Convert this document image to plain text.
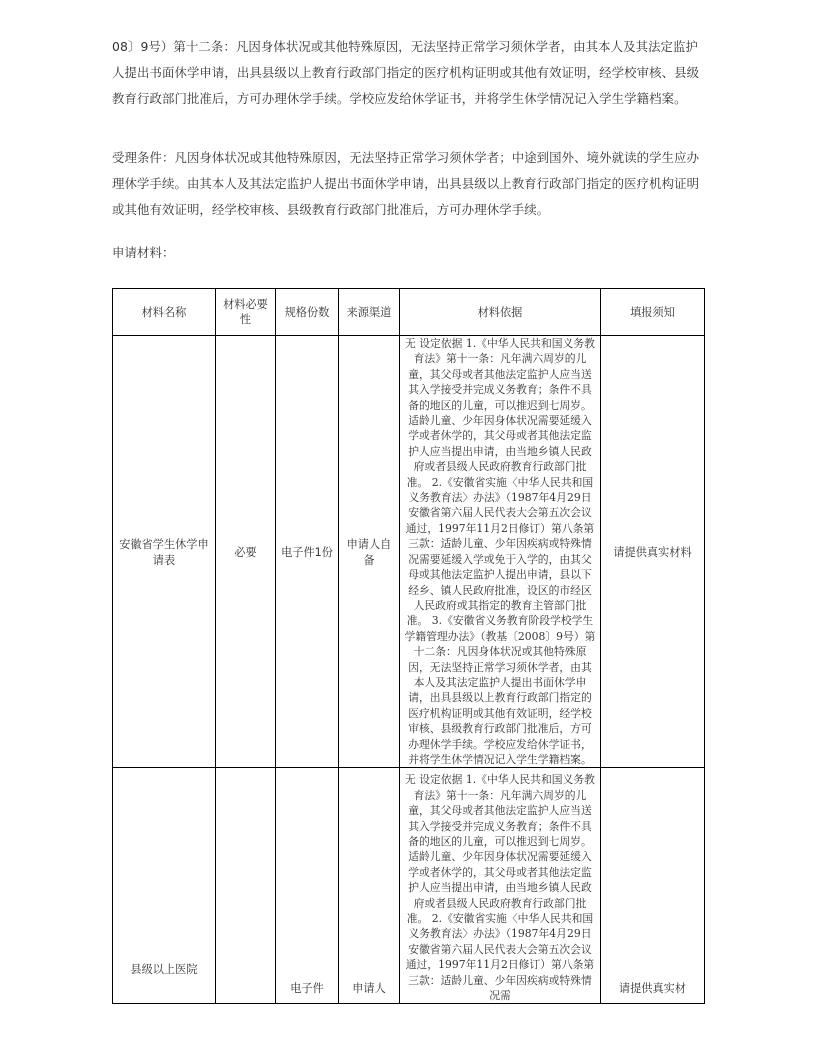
08〕9号）第十二条：凡因身体状况或其他特殊原因，无法坚持正常学习须休学者，由其本人及其法定监护人提出书面休学申请，出具县级以上教育行政部门指定的医疗机构证明或其他有效证明，经学校审核、县级教育行政部门批准后，方可办理休学手续。学校应发给休学证书，并将学生休学情况记入学生学籍档案。

受理条件：凡因身体状况或其他特殊原因，无法坚持正常学习须休学者；中途到国外、境外就读的学生应办理休学手续。由其本人及其法定监护人提出书面休学申请，出具县级以上教育行政部门指定的医疗机构证明或其他有效证明，经学校审核、县级教育行政部门批准后，方可办理休学手续。

申请材料：

材料名称	材料必要性	规格份数	来源渠道	材料依据	填报须知
安徽省学生休学申请表	必要	电子件1份	申请人自备	无 设定依据 1.《中华人民共和国义务教育法》第十一条：凡年满六周岁的儿童，其父母或者其他法定监护人应当送其入学接受并完成义务教育；条件不具备的地区的儿童，可以推迟到七周岁。适龄儿童、少年因身体状况需要延缓入学或者休学的，其父母或者其他法定监护人应当提出申请，由当地乡镇人民政府或者县级人民政府教育行政部门批准。 2.《安徽省实施〈中华人民共和国义务教育法〉办法》（1987年4月29日安徽省第六届人民代表大会第五次会议通过，1997年11月2日修订）第八条第三款：适龄儿童、少年因疾病或特殊情况需要延缓入学或免于入学的，由其父母或其他法定监护人提出申请，县以下经乡、镇人民政府批准，设区的市经区人民政府或其指定的教育主管部门批准。 3.《安徽省义务教育阶段学校学生学籍管理办法》（教基〔2008〕9号）第十二条：凡因身体状况或其他特殊原因，无法坚持正常学习须休学者，由其本人及其法定监护人提出书面休学申请，出具县级以上教育行政部门指定的医疗机构证明或其他有效证明，经学校审核、县级教育行政部门批准后，方可办理休学手续。学校应发给休学证书，并将学生休学情况记入学生学籍档案。	请提供真实材料
县级以上医院		电子件	申请人	无 设定依据 1.《中华人民共和国义务教育法》第十一条：凡年满六周岁的儿童，其父母或者其他法定监护人应当送其入学接受并完成义务教育；条件不具备的地区的儿童，可以推迟到七周岁。适龄儿童、少年因身体状况需要延缓入学或者休学的，其父母或者其他法定监护人应当提出申请，由当地乡镇人民政府或者县级人民政府教育行政部门批准。 2.《安徽省实施〈中华人民共和国义务教育法〉办法》（1987年4月29日安徽省第六届人民代表大会第五次会议通过，1997年11月2日修订）第八条第三款：适龄儿童、少年因疾病或特殊情况需	请提供真实材
